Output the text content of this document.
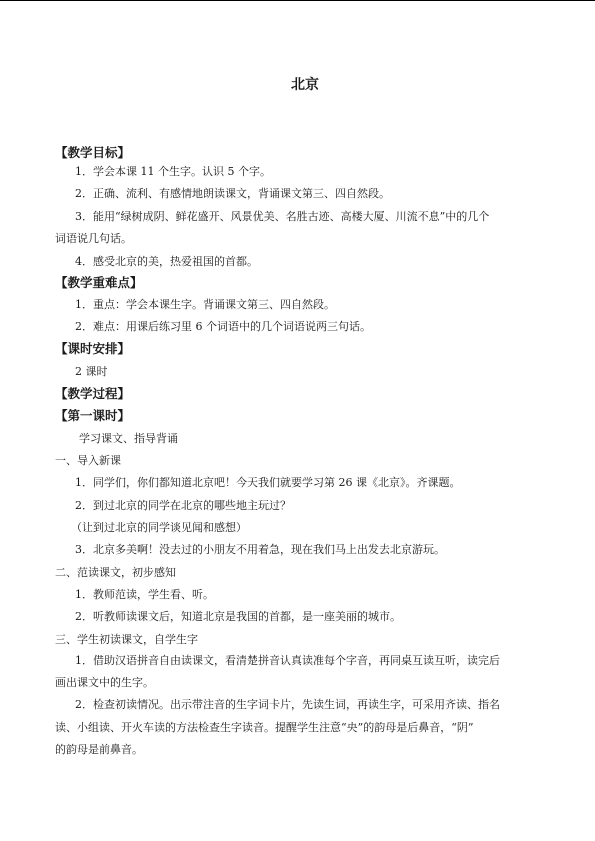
北京
【教学目标】
1．学会本课 11 个生字。认识 5 个字。
2．正确、流利、有感情地朗读课文，背诵课文第三、四自然段。
3．能用“绿树成阴、鲜花盛开、风景优美、名胜古迹、高楼大厦、川流不息”中的几个
词语说几句话。
4．感受北京的美，热爱祖国的首都。
【教学重难点】
1．重点：学会本课生字。背诵课文第三、四自然段。
2．难点：用课后练习里 6 个词语中的几个词语说两三句话。
【课时安排】
2 课时
【教学过程】
【第一课时】
学习课文、指导背诵
一、导入新课
1．同学们，你们都知道北京吧！今天我们就要学习第 26 课《北京》。齐课题。
2．到过北京的同学在北京的哪些地主玩过？
（让到过北京的同学谈见闻和感想）
3．北京多美啊！没去过的小朋友不用着急，现在我们马上出发去北京游玩。
二、范读课文，初步感知
1．教师范读，学生看、听。
2．听教师读课文后，知道北京是我国的首都，是一座美丽的城市。
三、学生初读课文，自学生字
1．借助汉语拼音自由读课文，看清楚拼音认真读准每个字音，再同桌互读互听，读完后
画出课文中的生字。
2．检查初读情况。出示带注音的生字词卡片，先读生词，再读生字，可采用齐读、指名
读、小组读、开火车读的方法检查生字读音。提醒学生注意“央”的韵母是后鼻音，“阴”
的韵母是前鼻音。
